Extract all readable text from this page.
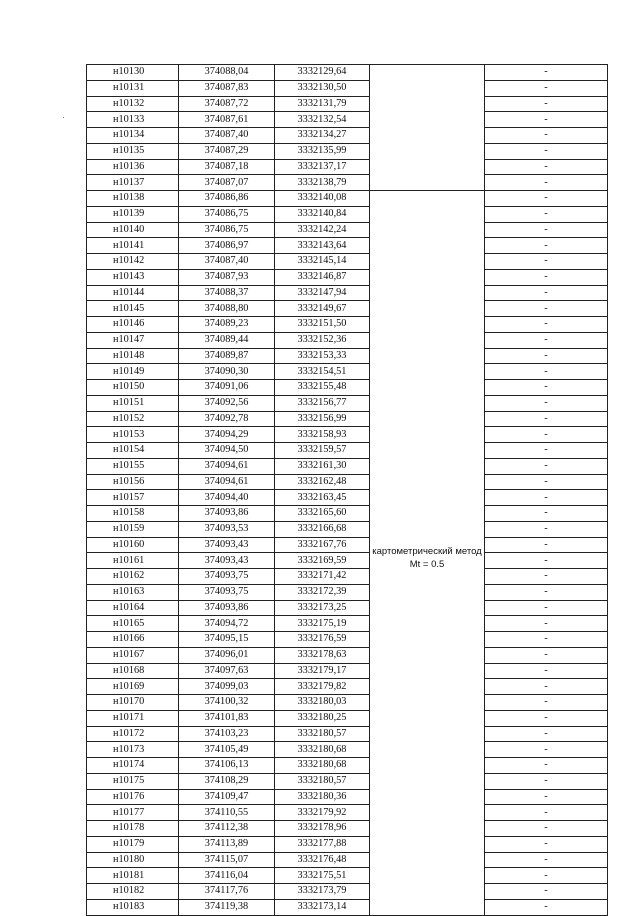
н10130	374088,04	3332129,64		-
н10131	374087,83	3332130,50		-
н10132	374087,72	3332131,79		-
н10133	374087,61	3332132,54		-
н10134	374087,40	3332134,27		-
н10135	374087,29	3332135,99		-
н10136	374087,18	3332137,17		-
н10137	374087,07	3332138,79		-
н10138	374086,86	3332140,08	картометрический метод Mt = 0.5	-
н10139	374086,75	3332140,84		-
н10140	374086,75	3332142,24		-
н10141	374086,97	3332143,64		-
н10142	374087,40	3332145,14		-
н10143	374087,93	3332146,87		-
н10144	374088,37	3332147,94		-
н10145	374088,80	3332149,67		-
н10146	374089,23	3332151,50		-
н10147	374089,44	3332152,36		-
н10148	374089,87	3332153,33		-
н10149	374090,30	3332154,51		-
н10150	374091,06	3332155,48		-
н10151	374092,56	3332156,77		-
н10152	374092,78	3332156,99		-
н10153	374094,29	3332158,93		-
н10154	374094,50	3332159,57		-
н10155	374094,61	3332161,30		-
н10156	374094,61	3332162,48		-
н10157	374094,40	3332163,45		-
н10158	374093,86	3332165,60		-
н10159	374093,53	3332166,68		-
н10160	374093,43	3332167,76		-
н10161	374093,43	3332169,59		-
н10162	374093,75	3332171,42		-
н10163	374093,75	3332172,39		-
н10164	374093,86	3332173,25		-
н10165	374094,72	3332175,19		-
н10166	374095,15	3332176,59		-
н10167	374096,01	3332178,63		-
н10168	374097,63	3332179,17		-
н10169	374099,03	3332179,82		-
н10170	374100,32	3332180,03		-
н10171	374101,83	3332180,25		-
н10172	374103,23	3332180,57		-
н10173	374105,49	3332180,68		-
н10174	374106,13	3332180,68		-
н10175	374108,29	3332180,57		-
н10176	374109,47	3332180,36		-
н10177	374110,55	3332179,92		-
н10178	374112,38	3332178,96		-
н10179	374113,89	3332177,88		-
н10180	374115,07	3332176,48		-
н10181	374116,04	3332175,51		-
н10182	374117,76	3332173,79		-
н10183	374119,38	3332173,14		-
